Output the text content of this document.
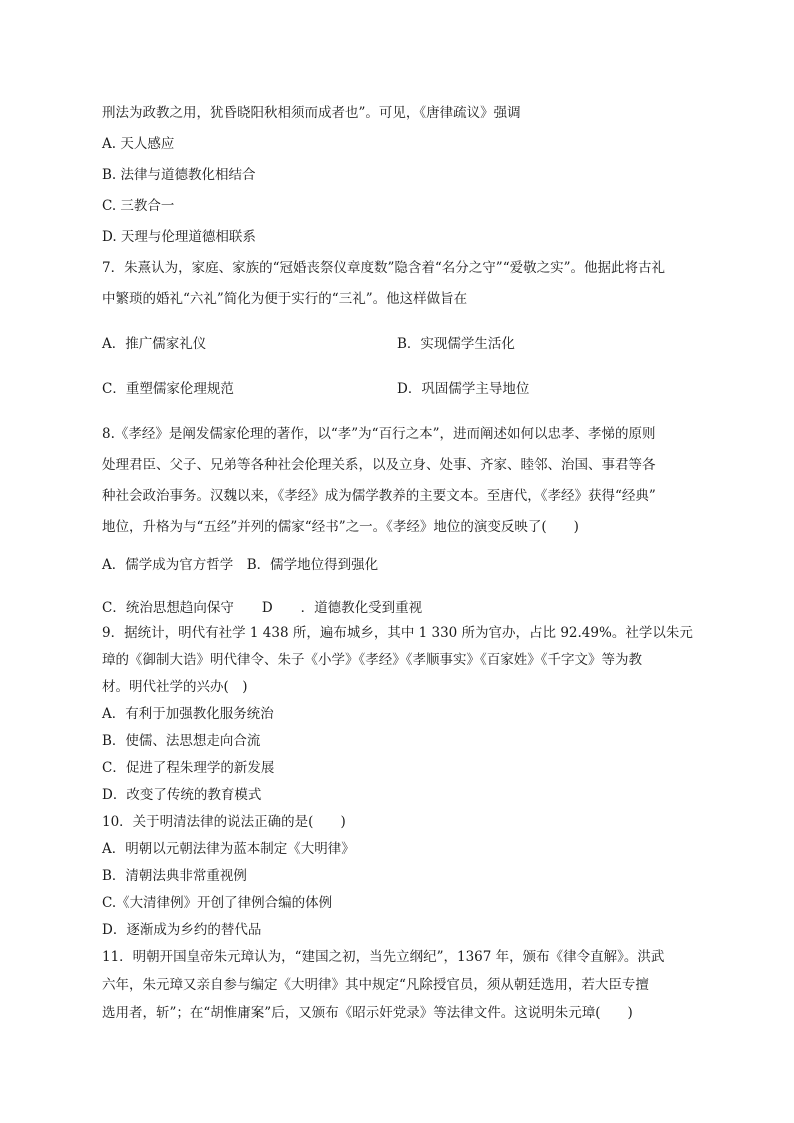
刑法为政教之用，犹昏晓阳秋相须而成者也”。可见，《唐律疏议》强调
A. 天人感应
B. 法律与道德教化相结合
C. 三教合一
D. 天理与伦理道德相联系
7．朱熹认为，家庭、家族的“冠婚丧祭仪章度数”隐含着“名分之守”“爱敬之实”。他据此将古礼
中繁琐的婚礼“六礼”简化为便于实行的“三礼”。他这样做旨在
A．推广儒家礼仪	B．实现儒学生活化
C．重塑儒家伦理规范	D．巩固儒学主导地位
8.《孝经》是阐发儒家伦理的著作，以“孝”为“百行之本”，进而阐述如何以忠孝、孝悌的原则
处理君臣、父子、兄弟等各种社会伦理关系，以及立身、处事、齐家、睦邻、治国、事君等各
种社会政治事务。汉魏以来，《孝经》成为儒学教养的主要文本。至唐代，《孝经》获得“经典”
地位，升格为与“五经”并列的儒家“经书”之一。《孝经》地位的演变反映了(　　)
A．儒学成为官方哲学　B．儒学地位得到强化
C．统治思想趋向保守 D ．道德教化受到重视
9．据统计，明代有社学 1 438 所，遍布城乡，其中 1 330 所为官办，占比 92.49%。社学以朱元
璋的《御制大诰》明代律令、朱子《小学》《孝经》《孝顺事实》《百家姓》《千字文》等为教
材。明代社学的兴办(　)
A．有利于加强教化服务统治
B．使儒、法思想走向合流
C．促进了程朱理学的新发展
D．改变了传统的教育模式
10．关于明清法律的说法正确的是(　　)
A．明朝以元朝法律为蓝本制定《大明律》
B．清朝法典非常重视例
C.《大清律例》开创了律例合编的体例
D．逐渐成为乡约的替代品
11．明朝开国皇帝朱元璋认为，“建国之初，当先立纲纪”，1367 年，颁布《律令直解》。洪武
六年，朱元璋又亲自参与编定《大明律》其中规定“凡除授官员，须从朝廷选用，若大臣专擅
选用者，斩”；在“胡惟庸案”后，又颁布《昭示奸党录》等法律文件。这说明朱元璋(　　)
